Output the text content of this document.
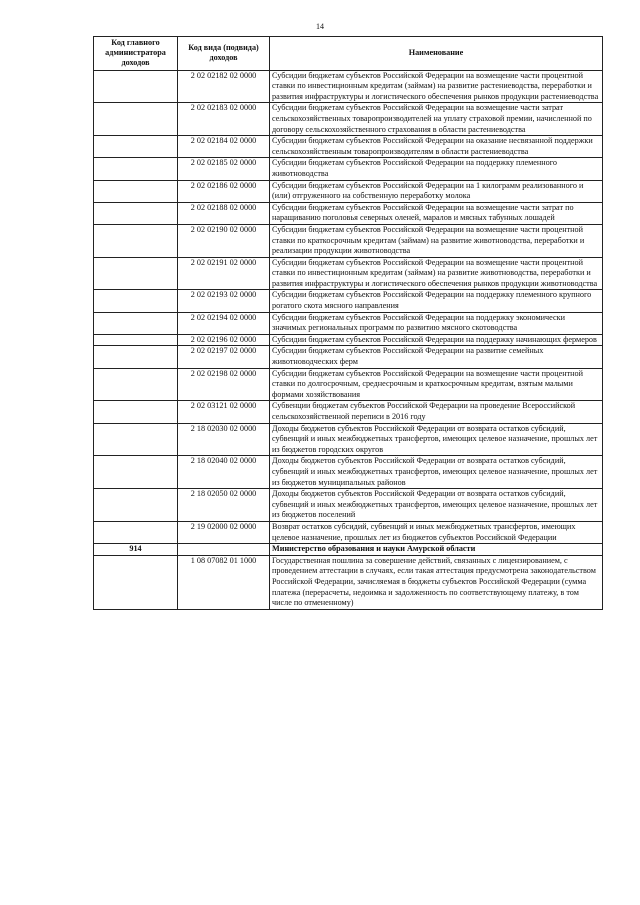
14
Код главного администратора доходов	Код вида (подвида) доходов	Наименование
	2 02 02182 02 0000	Субсидии бюджетам субъектов Российской Федерации на возмещение части процентной ставки по инвестиционным кредитам (займам) на развитие растениеводства, переработки и развития инфраструктуры и логистического обеспечения рынков продукции растениеводства
	2 02 02183 02 0000	Субсидии бюджетам субъектов Российской Федерации на возмещение части затрат сельскохозяйственных товаропроизводителей на уплату страховой премии, начисленной по договору сельскохозяйственного страхования в области растениеводства
	2 02 02184 02 0000	Субсидии бюджетам субъектов Российской Федерации на оказание несвязанной поддержки сельскохозяйственным товаропроизводителям в области растениеводства
	2 02 02185 02 0000	Субсидии бюджетам субъектов Российской Федерации на поддержку племенного животноводства
	2 02 02186 02 0000	Субсидии бюджетам субъектов Российской Федерации на 1 килограмм реализованного и (или) отгруженного на собственную переработку молока
	2 02 02188 02 0000	Субсидии бюджетам субъектов Российской Федерации на возмещение части затрат по наращиванию поголовья северных оленей, маралов и мясных табунных лошадей
	2 02 02190 02 0000	Субсидии бюджетам субъектов Российской Федерации на возмещение части процентной ставки по краткосрочным кредитам (займам) на развитие животноводства, переработки и реализации продукции животноводства
	2 02 02191 02 0000	Субсидии бюджетам субъектов Российской Федерации на возмещение части процентной ставки по инвестиционным кредитам (займам) на развитие животноводства, переработки и развития инфраструктуры и логистического обеспечения рынков продукции животноводства
	2 02 02193 02 0000	Субсидии бюджетам субъектов Российской Федерации на поддержку племенного крупного рогатого скота мясного направления
	2 02 02194 02 0000	Субсидии бюджетам субъектов Российской Федерации на поддержку экономически значимых региональных программ по развитию мясного скотоводства
	2 02 02196 02 0000	Субсидии бюджетам субъектов Российской Федерации на поддержку начинающих фермеров
	2 02 02197 02 0000	Субсидии бюджетам субъектов Российской Федерации на развитие семейных животноводческих ферм
	2 02 02198 02 0000	Субсидии бюджетам субъектов Российской Федерации на возмещение части процентной ставки по долгосрочным, среднесрочным и краткосрочным кредитам, взятым малыми формами хозяйствования
	2 02 03121 02 0000	Субвенции бюджетам субъектов Российской Федерации на проведение Всероссийской сельскохозяйственной переписи в 2016 году
	2 18 02030 02 0000	Доходы бюджетов субъектов Российской Федерации от возврата остатков субсидий, субвенций и иных межбюджетных трансфертов, имеющих целевое назначение, прошлых лет из бюджетов городских округов
	2 18 02040 02 0000	Доходы бюджетов субъектов Российской Федерации от возврата остатков субсидий, субвенций и иных межбюджетных трансфертов, имеющих целевое назначение, прошлых лет из бюджетов муниципальных районов
	2 18 02050 02 0000	Доходы бюджетов субъектов Российской Федерации от возврата остатков субсидий, субвенций и иных межбюджетных трансфертов, имеющих целевое назначение, прошлых лет из бюджетов поселений
	2 19 02000 02 0000	Возврат остатков субсидий, субвенций и иных межбюджетных трансфертов, имеющих целевое назначение, прошлых лет из бюджетов субъектов Российской Федерации
914		Министерство образования и науки Амурской области
	1 08 07082 01 1000	Государственная пошлина за совершение действий, связанных с лицензированием, с проведением аттестации в случаях, если такая аттестация предусмотрена законодательством Российской Федерации, зачисляемая в бюджеты субъектов Российской Федерации (сумма платежа (перерасчеты, недоимка и задолженность по соответствующему платежу, в том числе по отмененному)
